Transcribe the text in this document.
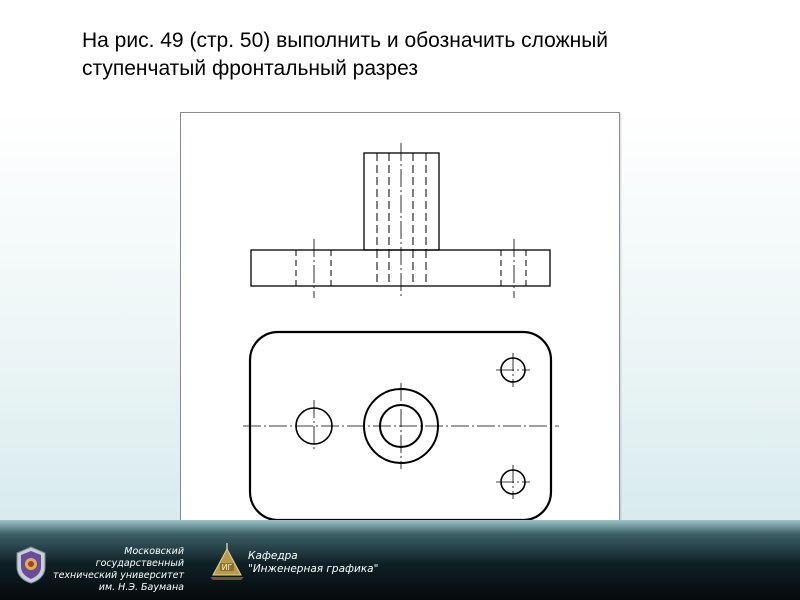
На рис. 49 (стр. 50) выполнить и обозначить сложный
ступенчатый фронтальный разрез
Московский государственный
технический университет
им. Н.Э. Баумана
ИГ
Кафедра
"Инженерная графика"
